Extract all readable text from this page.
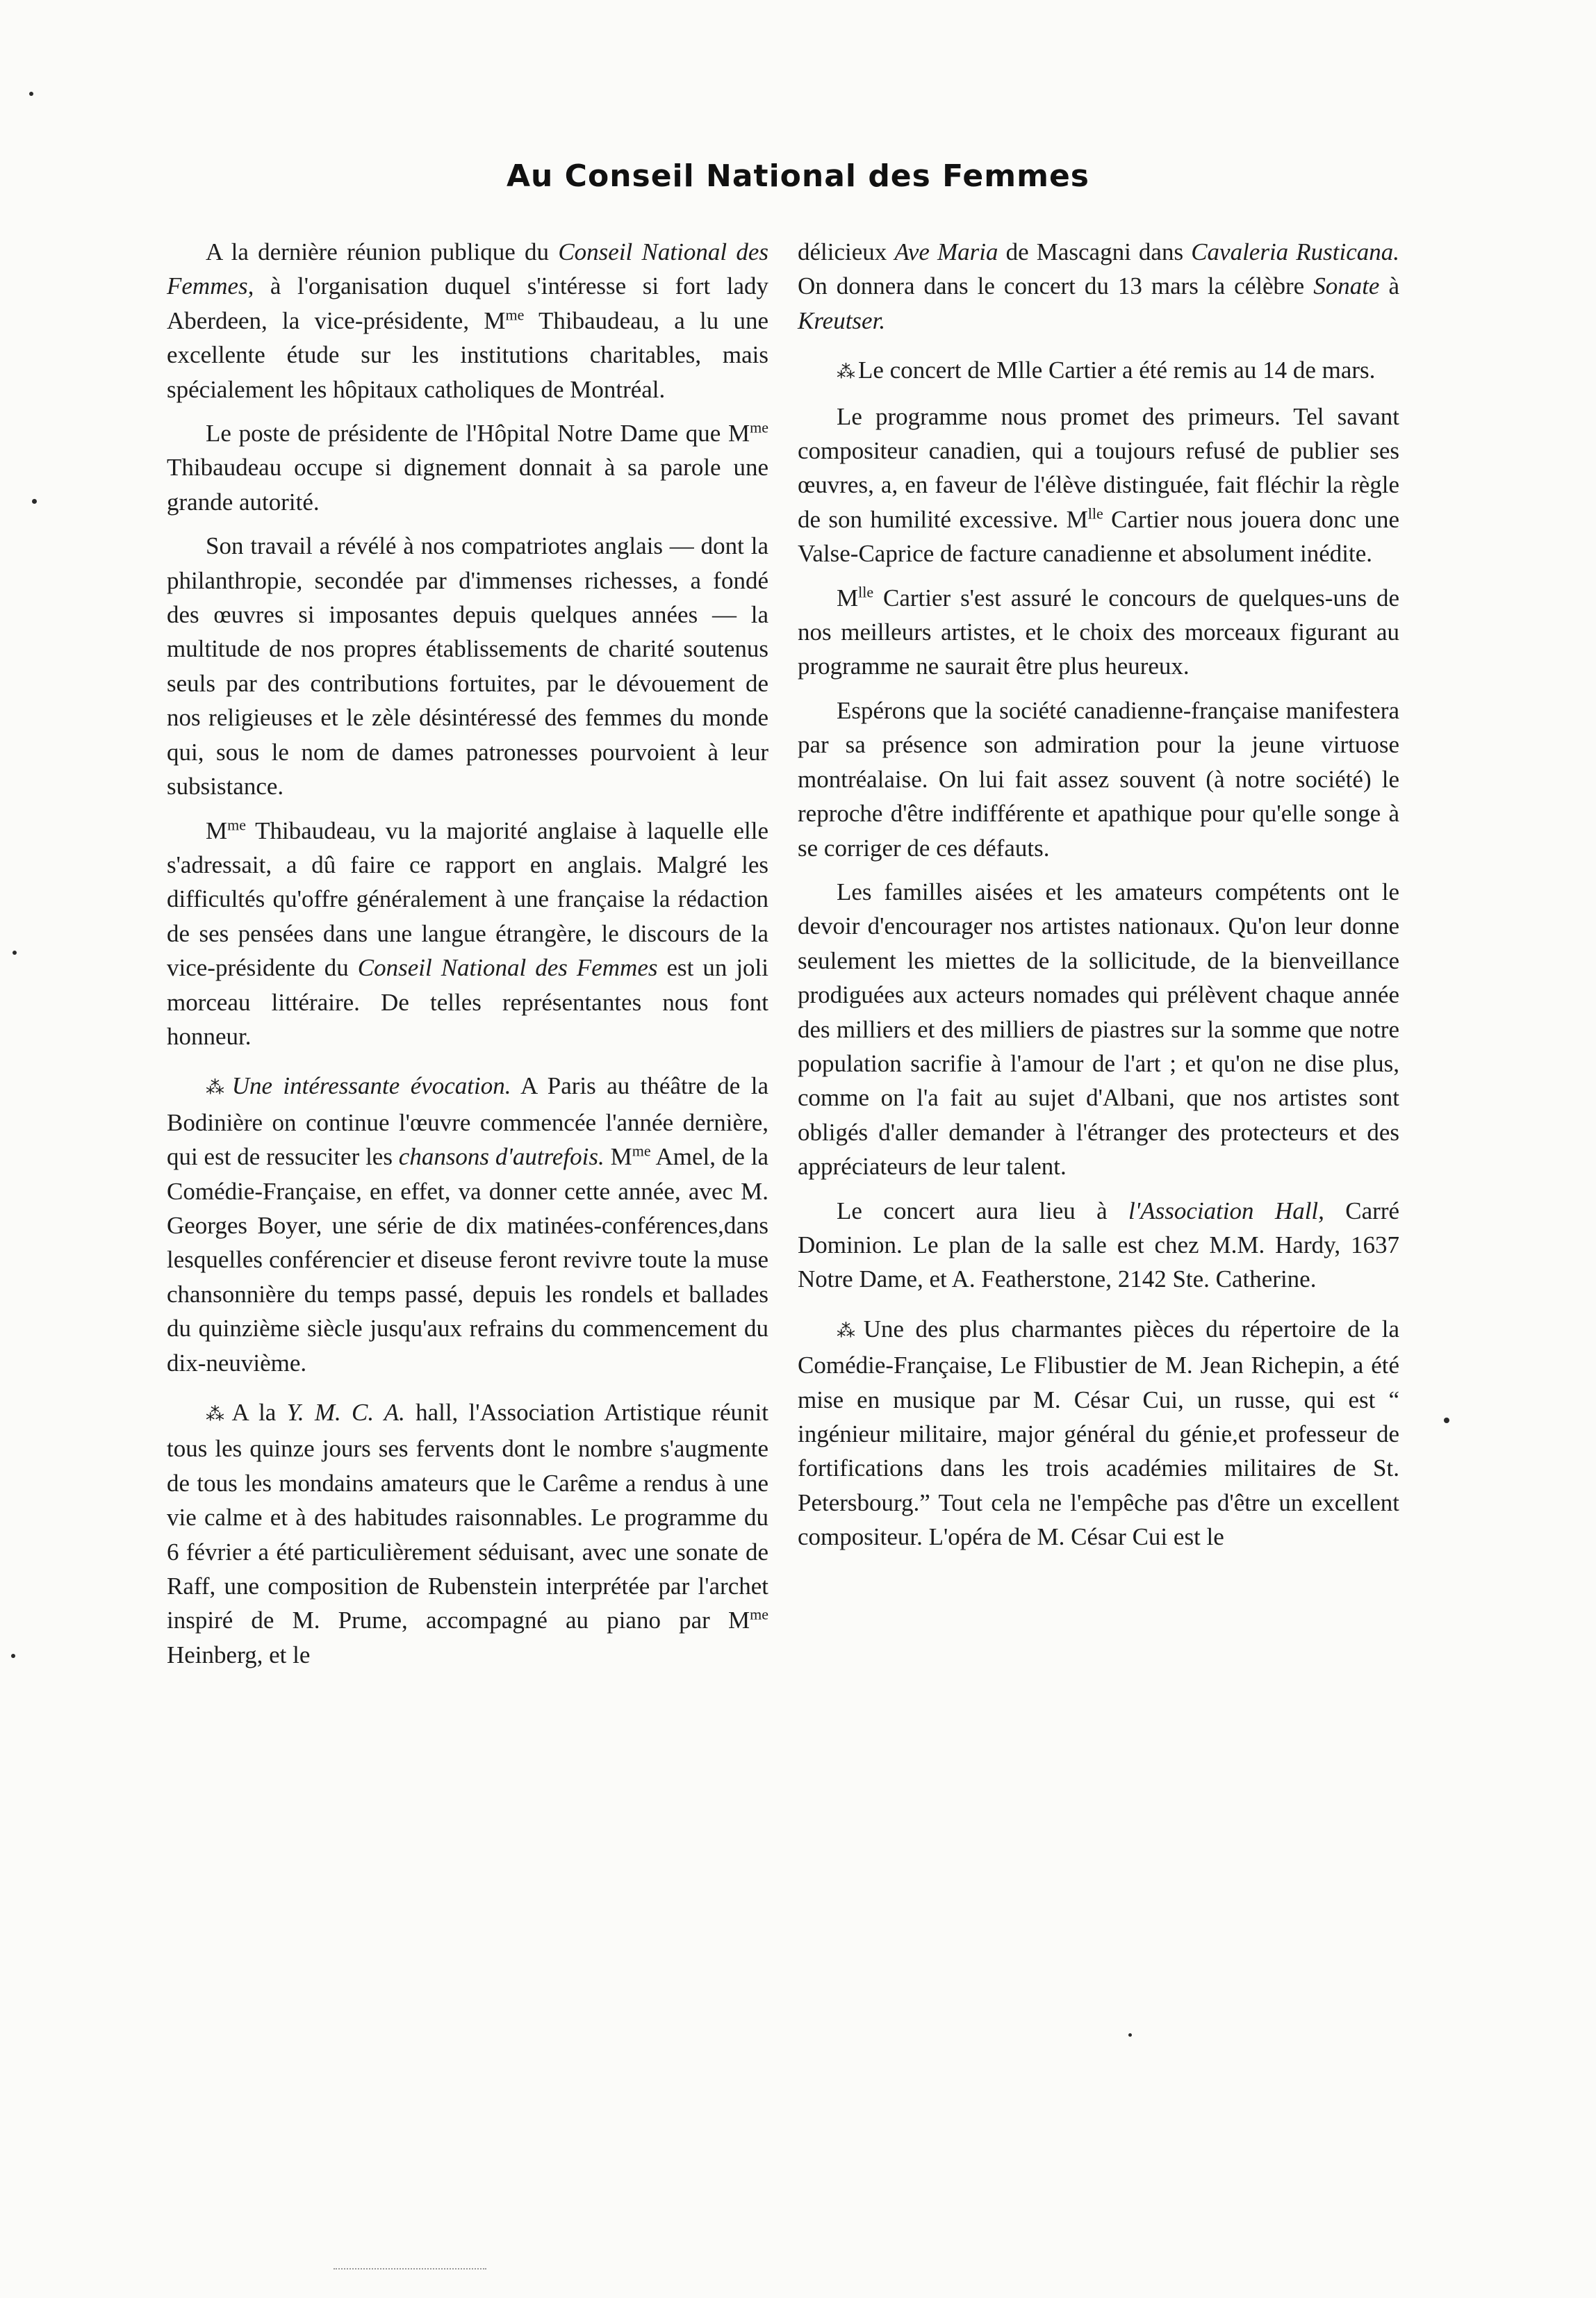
Au Conseil National des Femmes

A la dernière réunion publique du Conseil National des Femmes, à l'organisation duquel s'intéresse si fort lady Aberdeen, la vice-présidente, $M^{me}$ Thibaudeau, a lu une excellente étude sur les institutions charitables, mais spécialement les hôpitaux catholiques de Montréal.

Le poste de présidente de l'Hôpital Notre Dame que $M^{me}$ Thibaudeau occupe si dignement donnait à sa parole une grande autorité.

Son travail a révélé à nos compatriotes anglais — dont la philanthropie, secondée par d'immenses richesses, a fondé des œuvres si imposantes depuis quelques années — la multitude de nos propres établissements de charité soutenus seuls par des contributions fortuites, par le dévouement de nos religieuses et le zèle désintéressé des femmes du monde qui, sous le nom de dames patronesses pourvoient à leur subsistance.

$M^{me}$ Thibaudeau, vu la majorité anglaise à laquelle elle s'adressait, a dû faire ce rapport en anglais. Malgré les difficultés qu'offre généralement à une française la rédaction de ses pensées dans une langue étrangère, le discours de la vice-présidente du Conseil National des Femmes est un joli morceau littéraire. De telles représentantes nous font honneur.

⁂ Une intéressante évocation. A Paris au théâtre de la Bodinière on continue l'œuvre commencée l'année dernière, qui est de ressuciter les chansons d'autrefois. $M^{me}$ Amel, de la Comédie-Française, en effet, va donner cette année, avec M. Georges Boyer, une série de dix matinées-conférences,dans lesquelles conférencier et diseuse feront revivre toute la muse chansonnière du temps passé, depuis les rondels et ballades du quinzième siècle jusqu'aux refrains du commencement du dix-neuvième.

⁂ A la Y. M. C. A. hall, l'Association Artistique réunit tous les quinze jours ses fervents dont le nombre s'augmente de tous les mondains amateurs que le Carême a rendus à une vie calme et à des habitudes raisonnables. Le programme du 6 février a été particulièrement séduisant, avec une sonate de Raff, une composition de Rubenstein interprétée par l'archet inspiré de M. Prume, accompagné au piano par $M^{me}$ Heinberg, et le

délicieux Ave Maria de Mascagni dans Cavaleria Rusticana. On donnera dans le concert du 13 mars la célèbre Sonate à Kreutser.

⁂ Le concert de Mlle Cartier a été remis au 14 de mars.

Le programme nous promet des primeurs. Tel savant compositeur canadien, qui a toujours refusé de publier ses œuvres, a, en faveur de l'élève distinguée, fait fléchir la règle de son humilité excessive. $M^{lle}$ Cartier nous jouera donc une Valse-Caprice de facture canadienne et absolument inédite.

$M^{lle}$ Cartier s'est assuré le concours de quelques-uns de nos meilleurs artistes, et le choix des morceaux figurant au programme ne saurait être plus heureux.

Espérons que la société canadienne-française manifestera par sa présence son admiration pour la jeune virtuose montréalaise. On lui fait assez souvent (à notre société) le reproche d'être indifférente et apathique pour qu'elle songe à se corriger de ces défauts.

Les familles aisées et les amateurs compétents ont le devoir d'encourager nos artistes nationaux. Qu'on leur donne seulement les miettes de la sollicitude, de la bienveillance prodiguées aux acteurs nomades qui prélèvent chaque année des milliers et des milliers de piastres sur la somme que notre population sacrifie à l'amour de l'art ; et qu'on ne dise plus, comme on l'a fait au sujet d'Albani, que nos artistes sont obligés d'aller demander à l'étranger des protecteurs et des appréciateurs de leur talent.

Le concert aura lieu à l'Association Hall, Carré Dominion. Le plan de la salle est chez M.M. Hardy, 1637 Notre Dame, et A. Featherstone, 2142 Ste. Catherine.

⁂ Une des plus charmantes pièces du répertoire de la Comédie-Française, Le Flibustier de M. Jean Richepin, a été mise en musique par M. César Cui, un russe, qui est “ ingénieur militaire, major général du génie,et professeur de fortifications dans les trois académies militaires de St. Petersbourg.” Tout cela ne l'empêche pas d'être un excellent compositeur. L'opéra de M. César Cui est le
